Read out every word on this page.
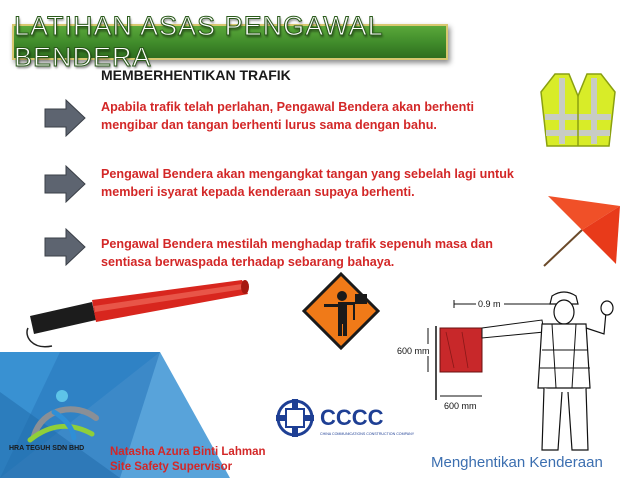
LATIHAN ASAS PENGAWAL BENDERA
MEMBERHENTIKAN TRAFIK
Apabila trafik telah perlahan, Pengawal Bendera akan berhenti mengibar dan tangan berhenti lurus sama dengan bahu.
Pengawal Bendera akan mengangkat tangan yang sebelah lagi untuk memberi isyarat kepada kenderaan supaya berhenti.
Pengawal Bendera mestilah menghadap trafik sepenuh masa dan sentiasa berwaspada terhadap sebarang bahaya.
0.9 m
600 mm
600 mm
HRA TEGUH SDN BHD
CCCC
CHINA COMMUNICATIONS CONSTRUCTION COMPANY
Natasha Azura Binti Lahman
Site Safety Supervisor	Menghentikan Kenderaan
